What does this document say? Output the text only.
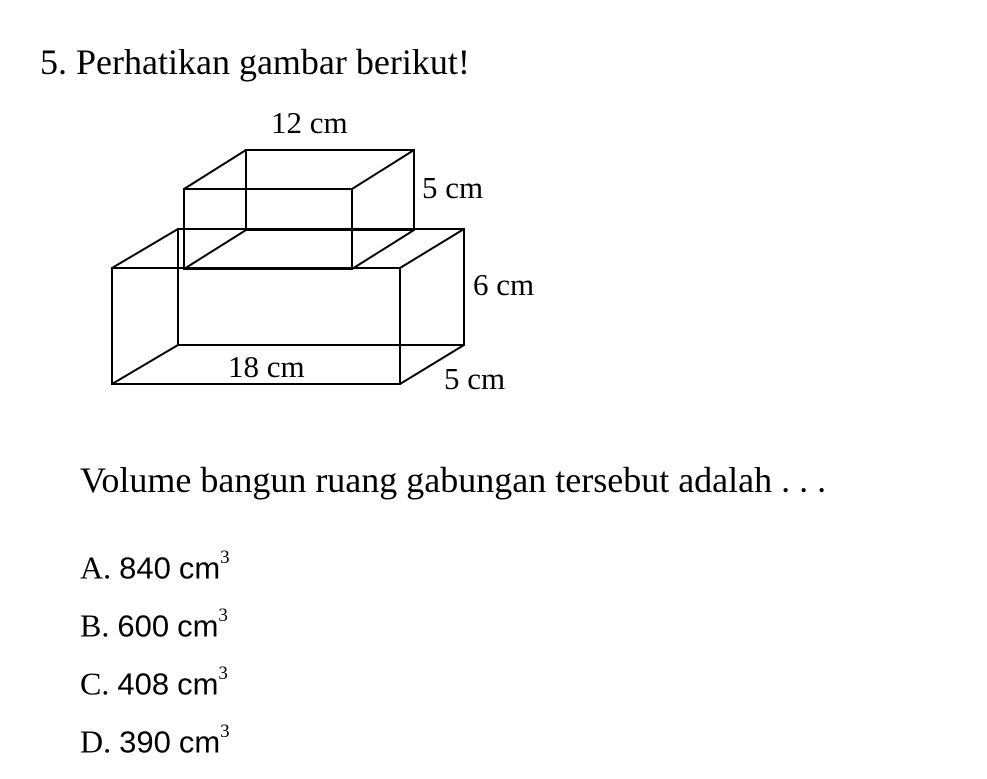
5. Perhatikan gambar berikut!
12 cm
5 cm
6 cm
18 cm	5 cm
Volume bangun ruang gabungan tersebut adalah . . .
A. 840 $cm^3$
B. 600 $cm^3$
C. 408 $cm^3$
D. 390 $cm^3$
